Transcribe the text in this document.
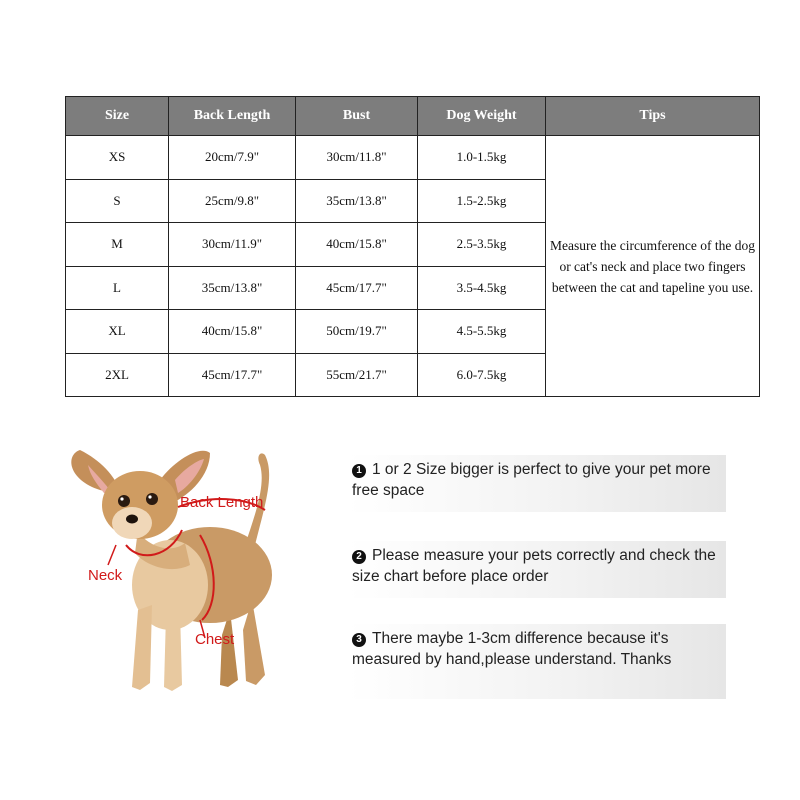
Size	Back Length	Bust	Dog Weight	Tips
XS	20cm/7.9"	30cm/11.8"	1.0-1.5kg	Measure the circumference of the dog or cat's neck and place two fingers between the cat and tapeline you use.
S	25cm/9.8"	35cm/13.8"	1.5-2.5kg	
M	30cm/11.9"	40cm/15.8"	2.5-3.5kg	
L	35cm/13.8"	45cm/17.7"	3.5-4.5kg	
XL	40cm/15.8"	50cm/19.7"	4.5-5.5kg	
2XL	45cm/17.7"	55cm/21.7"	6.0-7.5kg	
Back Length
Neck
Chest
1 1 or 2 Size bigger is perfect to give your pet more free space
2 Please measure your pets correctly and check the size chart before place order
3 There maybe 1-3cm difference because it's measured by hand,please understand. Thanks
